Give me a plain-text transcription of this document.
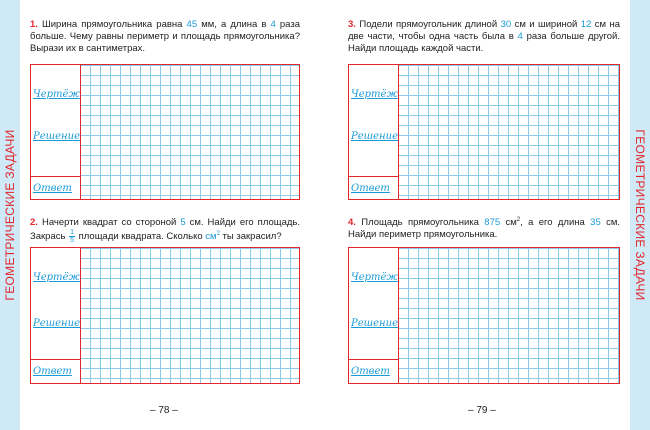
ГЕОМЕТРИЧЕСКИЕ ЗАДАЧИ	ГЕОМЕТРИЧЕСКИЕ ЗАДАЧИ
1. Ширина прямоугольника равна 45 мм, а длина в 4 раза больше. Чему равны периметр и площадь прямоугольника? Вырази их в сантиметрах.
Чертёж
Решение
Ответ
2. Начерти квадрат со стороной 5 см. Найди его площадь. Закрась $\frac{1}{5}$ площади квадрата. Сколько $см^2$ ты закрасил?
Чертёж
Решение
Ответ
3. Подели прямоугольник длиной 30 см и шириной 12 см на две части, чтобы одна часть была в 4 раза больше другой. Найди площадь каждой части.
Чертёж
Решение
Ответ
4. Площадь прямоугольника 875 $см^2$, а его длина 35 см. Найди периметр прямоугольника.
Чертёж
Решение
Ответ
– 78 –	– 79 –
